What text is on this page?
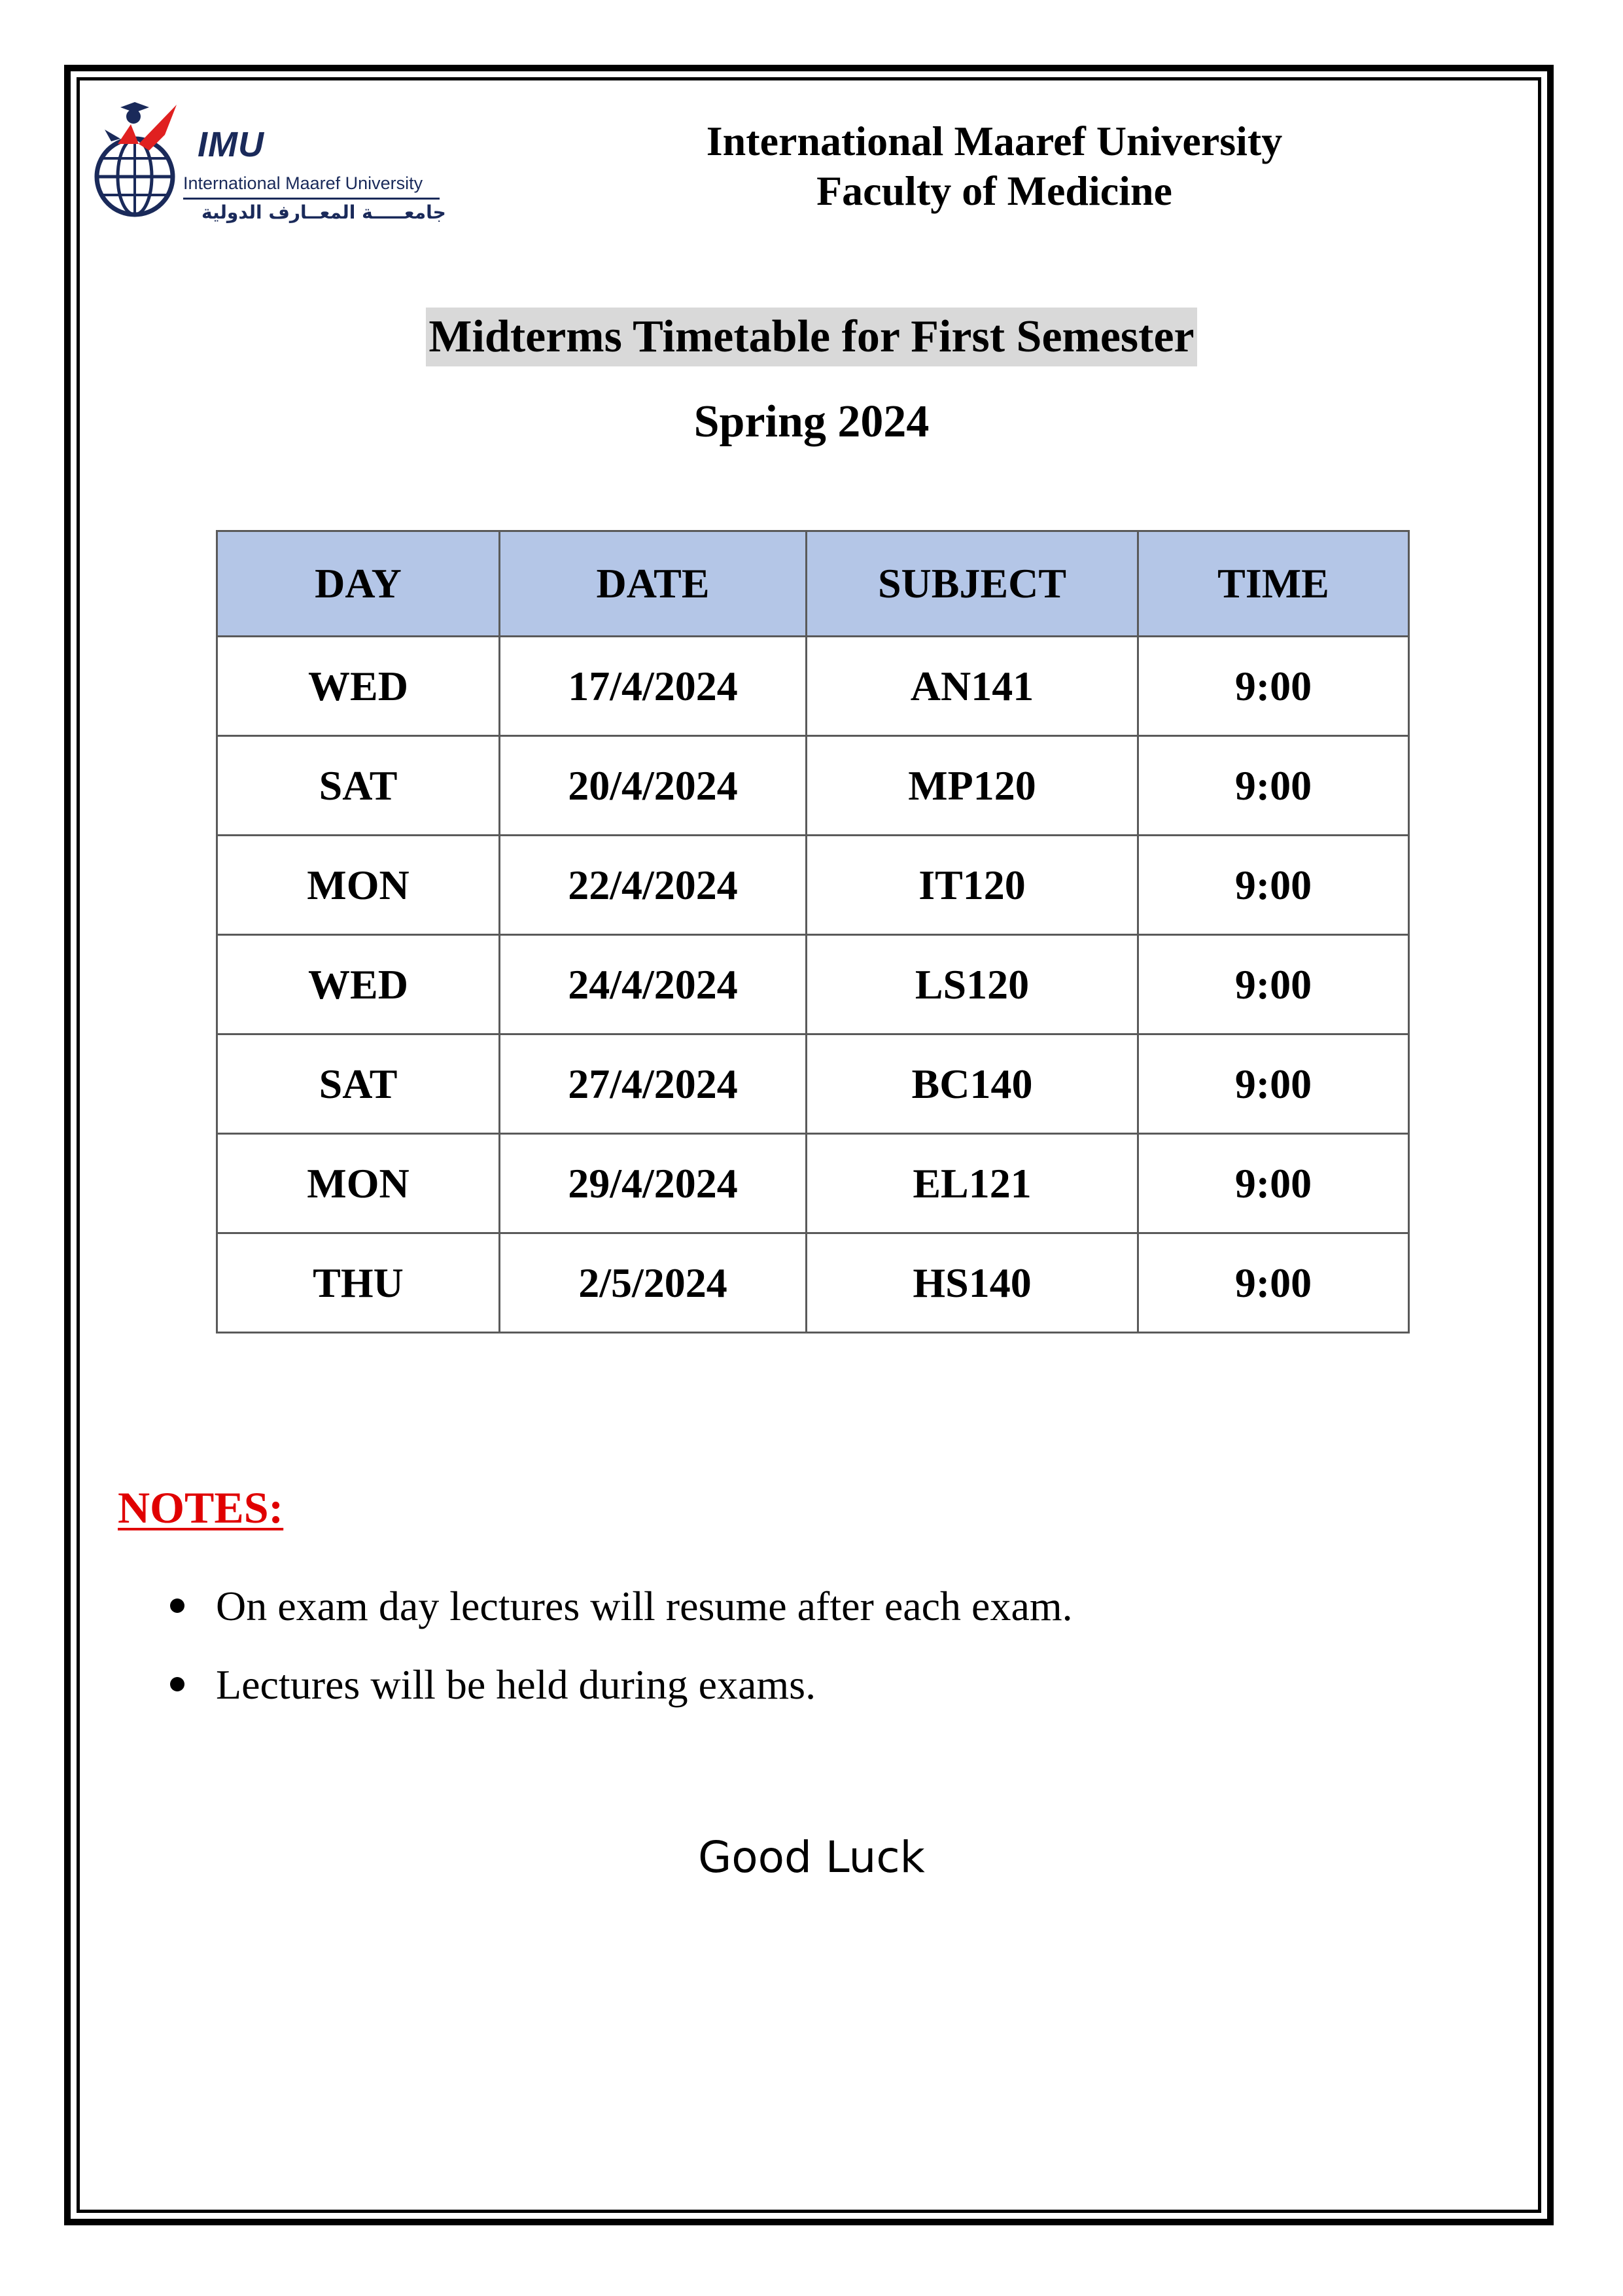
IMU
International Maaref University
جامعـــــة المعــارف الدولية
International Maaref University
Faculty of Medicine
Midterms Timetable for First Semester
Spring 2024
DAY	DATE	SUBJECT	TIME
WED	17/4/2024	AN141	9:00
SAT	20/4/2024	MP120	9:00
MON	22/4/2024	IT120	9:00
WED	24/4/2024	LS120	9:00
SAT	27/4/2024	BC140	9:00
MON	29/4/2024	EL121	9:00
THU	2/5/2024	HS140	9:00
NOTES:
On exam day lectures will resume after each exam.
Lectures will be held during exams.
Good Luck
